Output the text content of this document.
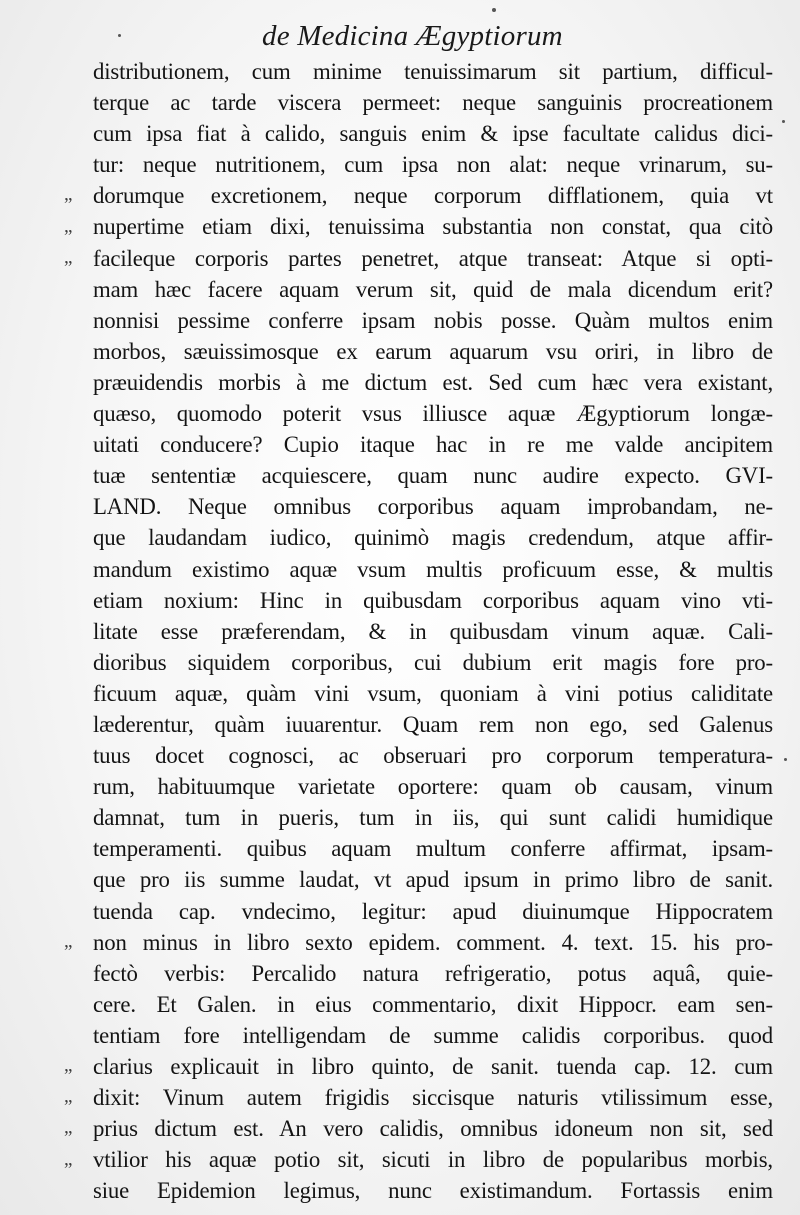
de Medicina Ægyptiorum
„
„
„
„
„
„
„
„
distributionem, cum minime tenuissimarum sit partium, difficul-
terque ac tarde viscera permeet: neque sanguinis procreationem
cum ipsa fiat à calido, sanguis enim & ipse facultate calidus dici-
tur: neque nutritionem, cum ipsa non alat: neque vrinarum, su-
dorumque excretionem, neque corporum difflationem, quia vt
nupertime etiam dixi, tenuissima substantia non constat, qua citò
facileque corporis partes penetret, atque transeat: Atque si opti-
mam hæc facere aquam verum sit, quid de mala dicendum erit?
nonnisi pessime conferre ipsam nobis posse. Quàm multos enim
morbos, sæuissimosque ex earum aquarum vsu oriri, in libro de
præuidendis morbis à me dictum est. Sed cum hæc vera existant,
quæso, quomodo poterit vsus illiusce aquæ Ægyptiorum longæ-
uitati conducere? Cupio itaque hac in re me valde ancipitem
tuæ sententiæ acquiescere, quam nunc audire expecto. GVI-
LAND. Neque omnibus corporibus aquam improbandam, ne-
que laudandam iudico, quinimò magis credendum, atque affir-
mandum existimo aquæ vsum multis proficuum esse, & multis
etiam noxium: Hinc in quibusdam corporibus aquam vino vti-
litate esse præferendam, & in quibusdam vinum aquæ. Cali-
dioribus siquidem corporibus, cui dubium erit magis fore pro-
ficuum aquæ, quàm vini vsum, quoniam à vini potius caliditate
læderentur, quàm iuuarentur. Quam rem non ego, sed Galenus
tuus docet cognosci, ac obseruari pro corporum temperatura-
rum, habituumque varietate oportere: quam ob causam, vinum
damnat, tum in pueris, tum in iis, qui sunt calidi humidique
temperamenti. quibus aquam multum conferre affirmat, ipsam-
que pro iis summe laudat, vt apud ipsum in primo libro de sanit.
tuenda cap. vndecimo, legitur: apud diuinumque Hippocratem
non minus in libro sexto epidem. comment. 4. text. 15. his pro-
fectò verbis: Percalido natura refrigeratio, potus aquâ, quie-
cere. Et Galen. in eius commentario, dixit Hippocr. eam sen-
tentiam fore intelligendam de summe calidis corporibus. quod
clarius explicauit in libro quinto, de sanit. tuenda cap. 12. cum
dixit: Vinum autem frigidis siccisque naturis vtilissimum esse,
prius dictum est. An vero calidis, omnibus idoneum non sit, sed
vtilior his aquæ potio sit, sicuti in libro de popularibus morbis,
siue Epidemion legimus, nunc existimandum. Fortassis enim
